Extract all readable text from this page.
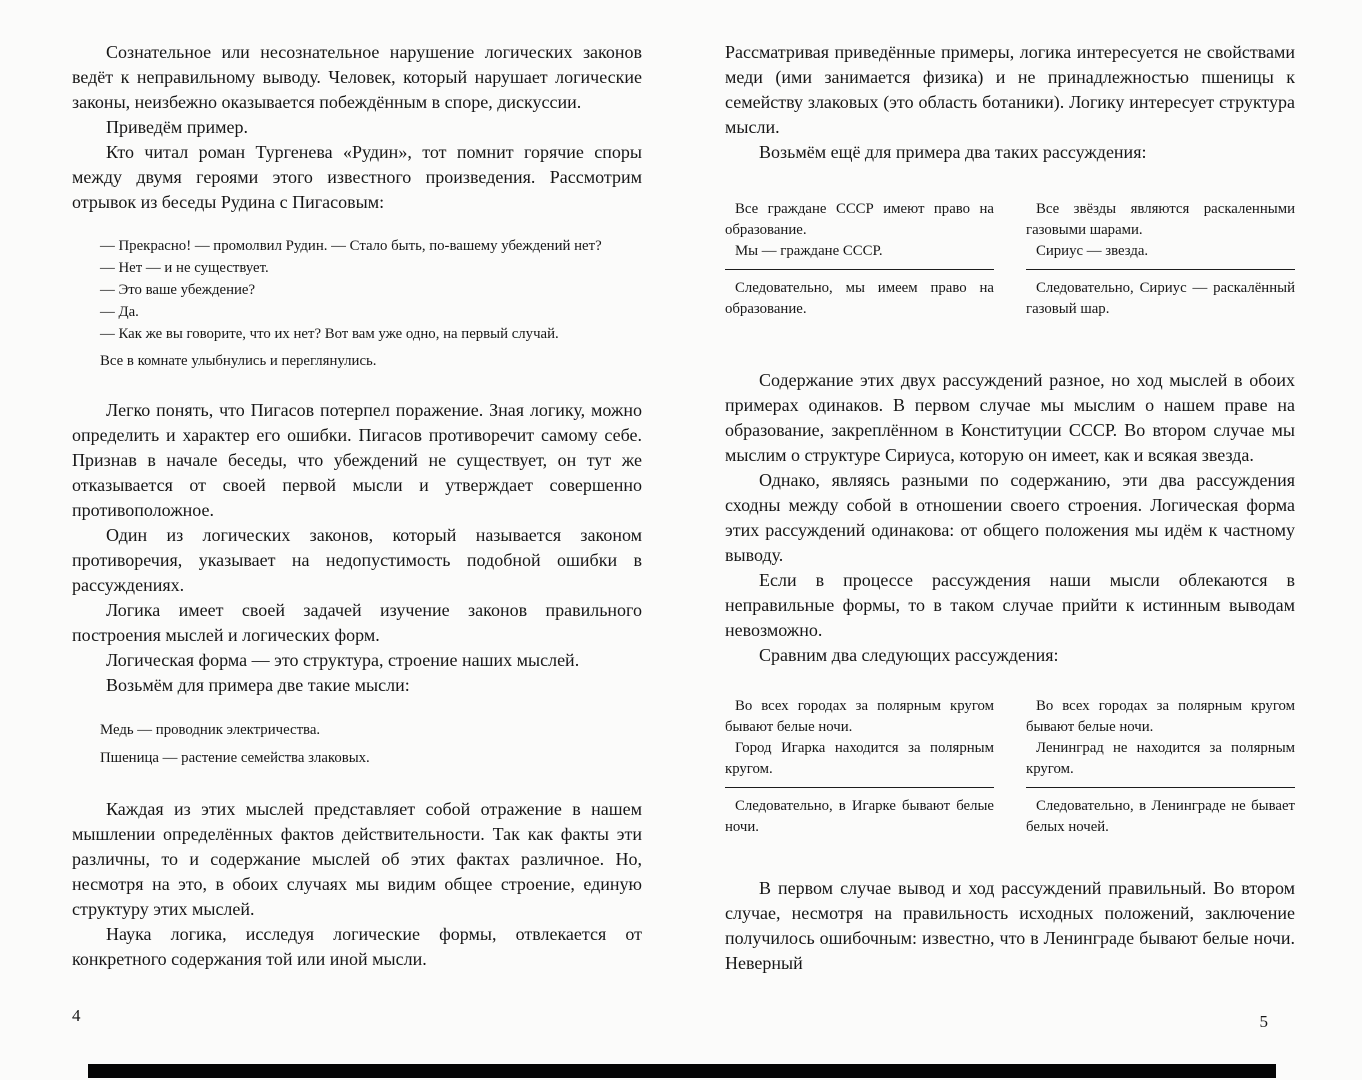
Сознательное или несознательное нарушение логических законов ведёт к неправильному выводу. Человек, который нарушает логические законы, неизбежно оказывается побеждённым в споре, дискуссии.

Приведём пример.

Кто читал роман Тургенева «Рудин», тот помнит горячие споры между двумя героями этого известного произведения. Рассмотрим отрывок из беседы Рудина с Пигасовым:

— Прекрасно! — промолвил Рудин. — Стало быть, по-вашему убеждений нет?

— Нет — и не существует.

— Это ваше убеждение?

— Да.

— Как же вы говорите, что их нет? Вот вам уже одно, на первый случай.

Все в комнате улыбнулись и переглянулись.

Легко понять, что Пигасов потерпел поражение. Зная логику, можно определить и характер его ошибки. Пигасов противоречит самому себе. Признав в начале беседы, что убеждений не существует, он тут же отказывается от своей первой мысли и утверждает совершенно противоположное.

Один из логических законов, который называется законом противоречия, указывает на недопустимость подобной ошибки в рассуждениях.

Логика имеет своей задачей изучение законов правильного построения мыслей и логических форм.

Логическая форма — это структура, строение наших мыслей.

Возьмём для примера две такие мысли:

Медь — проводник электричества.

Пшеница — растение семейства злаковых.

Каждая из этих мыслей представляет собой отражение в нашем мышлении определённых фактов действительности. Так как факты эти различны, то и содержание мыслей об этих фактах различное. Но, несмотря на это, в обоих случаях мы видим общее строение, единую структуру этих мыслей.

Наука логика, исследуя логические формы, отвлекается от конкретного содержания той или иной мысли.

Рассматривая приведённые примеры, логика интересуется не свойствами меди (ими занимается физика) и не принадлежностью пшеницы к семейству злаковых (это область ботаники). Логику интересует структура мысли.

Возьмём ещё для примера два таких рассуждения:

Все граждане СССР имеют право на образование.

Мы — граждане СССР.

Следовательно, мы имеем право на образование.

Все звёзды являются раскаленными газовыми шарами.

Сириус — звезда.

Следовательно, Сириус — раскалённый газовый шар.

Содержание этих двух рассуждений разное, но ход мыслей в обоих примерах одинаков. В первом случае мы мыслим о нашем праве на образование, закреплённом в Конституции СССР. Во втором случае мы мыслим о структуре Сириуса, которую он имеет, как и всякая звезда.

Однако, являясь разными по содержанию, эти два рассуждения сходны между собой в отношении своего строения. Логическая форма этих рассуждений одинакова: от общего положения мы идём к частному выводу.

Если в процессе рассуждения наши мысли облекаются в неправильные формы, то в таком случае прийти к истинным выводам невозможно.

Сравним два следующих рассуждения:

Во всех городах за полярным кругом бывают белые ночи.

Город Игарка находится за полярным кругом.

Следовательно, в Игарке бывают белые ночи.

Во всех городах за полярным кругом бывают белые ночи.

Ленинград не находится за полярным кругом.

Следовательно, в Ленинграде не бывает белых ночей.

В первом случае вывод и ход рассуждений правильный. Во втором случае, несмотря на правильность исходных положений, заключение получилось ошибочным: известно, что в Ленинграде бывают белые ночи. Неверный

4	5
